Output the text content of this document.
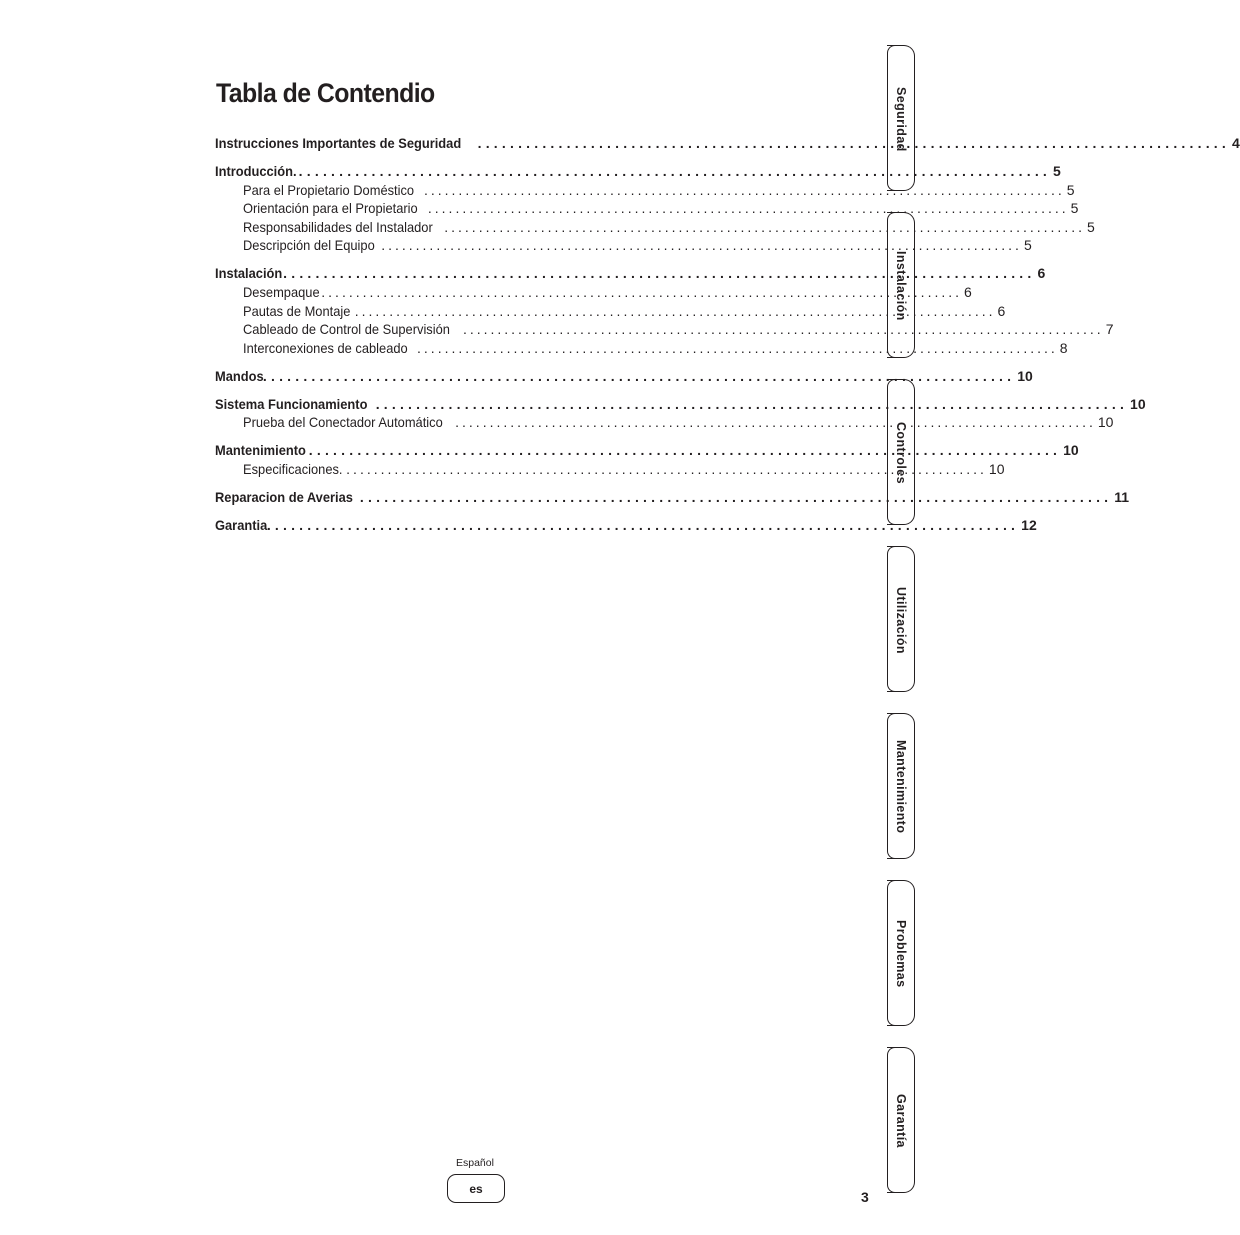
Tabla de Contendio
Instrucciones Importantes de Seguridad ............................................................................................. 4
Introducción. ............................................................................................. 5
Para el Propietario Doméstico ............................................................................................. 5
Orientación para el Propietario ............................................................................................. 5
Responsabilidades del Instalador ............................................................................................. 5
Descripción del Equipo ............................................................................................. 5
Instalación ............................................................................................. 6
Desempaque ............................................................................................. 6
Pautas de Montaje ............................................................................................. 6
Cableado de Control de Supervisión ............................................................................................. 7
Interconexiones de cableado ............................................................................................. 8
Mandos ............................................................................................. 10
Sistema Funcionamiento ............................................................................................. 10
Prueba del Conectador Automático ............................................................................................. 10
Mantenimiento ............................................................................................. 10
Especificaciones. ............................................................................................. 10
Reparacion de Averias ............................................................................................. 11
Garantia ............................................................................................. 12
Seguridad
Instalación
Controles
Utilización
Mantenimiento
Problemas
Garantía
Español
es
3
